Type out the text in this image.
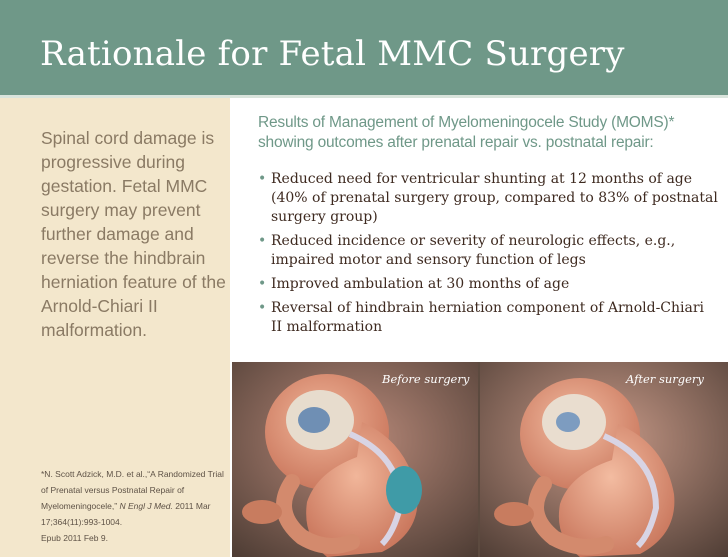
Rationale for Fetal MMC Surgery
Spinal cord damage is progressive during gestation. Fetal MMC surgery may prevent further damage and reverse the hindbrain herniation feature of the Arnold-Chiari II malformation.
*N. Scott Adzick, M.D. et al.,“A Randomized Trial of Prenatal versus Postnatal Repair of Myelomeningocele,” N Engl J Med. 2011 Mar 17;364(11):993-1004.
Epub 2011 Feb 9.
Results of Management of Myelomeningocele Study (MOMS)* showing outcomes after prenatal repair vs. postnatal repair:
• Reduced need for ventricular shunting at 12 months of age (40% of prenatal surgery group, compared to 83% of postnatal surgery group)
• Reduced incidence or severity of neurologic effects, e.g., impaired motor and sensory function of legs
• Improved ambulation at 30 months of age
• Reversal of hindbrain herniation component of Arnold-Chiari II malformation
Before surgery	After surgery
